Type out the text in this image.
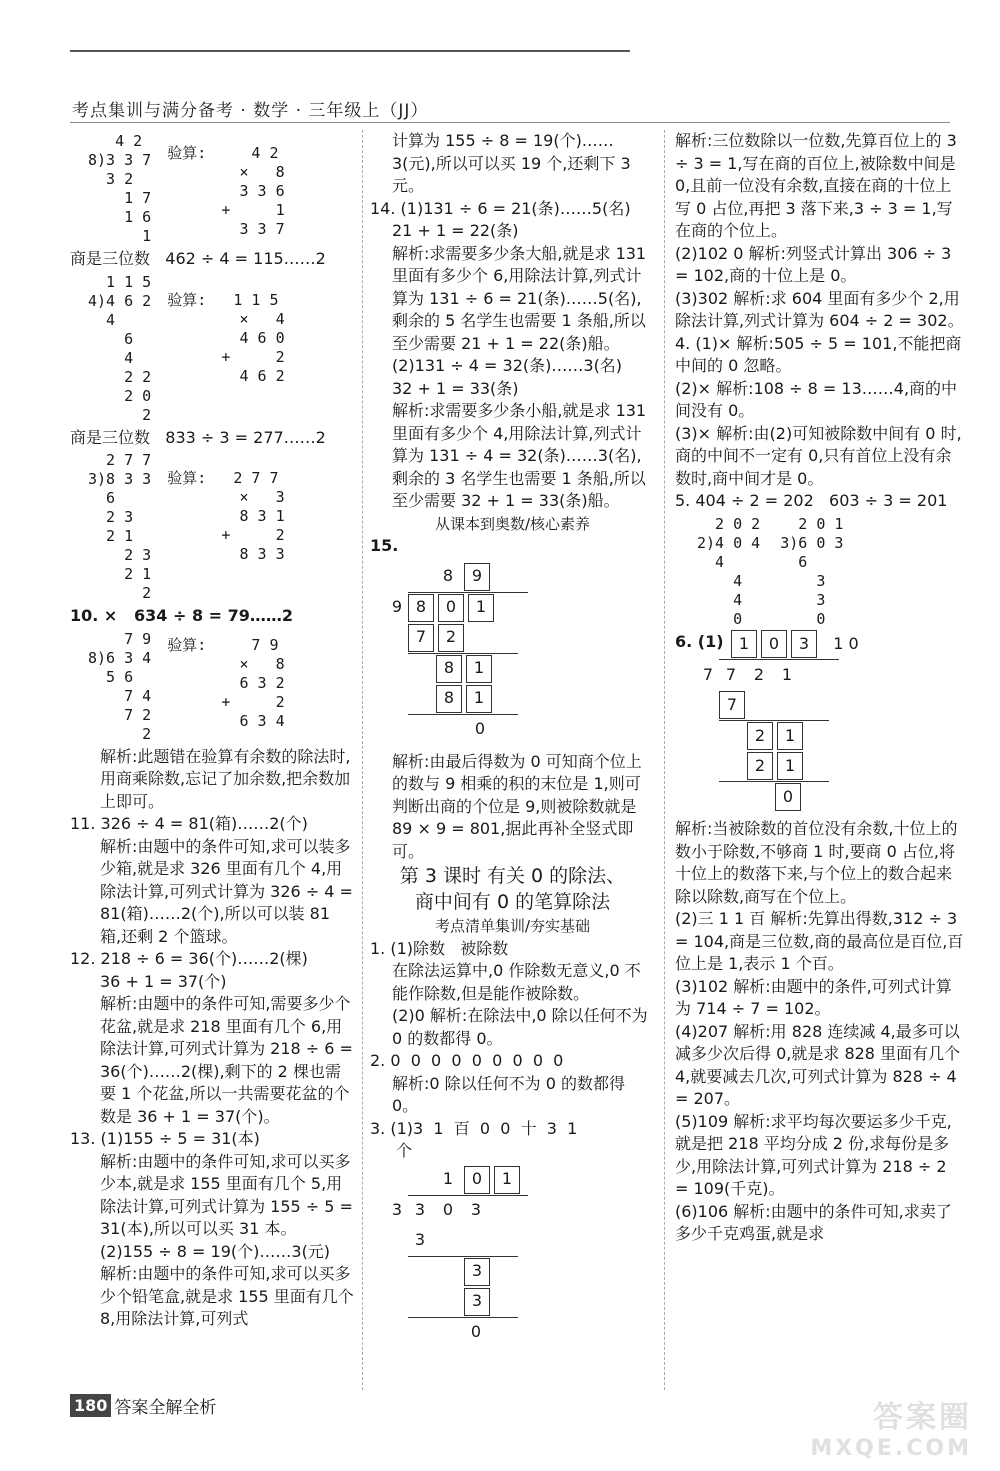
考点集训与满分备考 · 数学 · 三年级上（JJ）
4 2
8)3 3 7
3 2
1 7
1 6
1
验算:     4 2
×   8
3 3 6
+     1
3 3 7
商是三位数   462 ÷ 4 = 115……2
1 1 5
4)4 6 2
4
6
4
2 2
2 0
2
验算:   1 1 5
×   4
4 6 0
+     2
4 6 2
商是三位数   833 ÷ 3 = 277……2
2 7 7
3)8 3 3
6
2 3
2 1
2 3
2 1
2
验算:   2 7 7
×   3
8 3 1
+     2
8 3 3
10. ×   634 ÷ 8 = 79……2
7 9
8)6 3 4
5 6
7 4
7 2
2
验算:     7 9
×   8
6 3 2
+     2
6 3 4
解析:此题错在验算有余数的除法时,用商乘除数,忘记了加余数,把余数加上即可。
11. 326 ÷ 4 = 81(箱)……2(个)
解析:由题中的条件可知,求可以装多少箱,就是求 326 里面有几个 4,用除法计算,可列式计算为 326 ÷ 4 = 81(箱)……2(个),所以可以装 81 箱,还剩 2 个篮球。
12. 218 ÷ 6 = 36(个)……2(棵)
36 + 1 = 37(个)
解析:由题中的条件可知,需要多少个花盆,就是求 218 里面有几个 6,用除法计算,可列式计算为 218 ÷ 6 = 36(个)……2(棵),剩下的 2 棵也需要 1 个花盆,所以一共需要花盆的个数是 36 + 1 = 37(个)。
13. (1)155 ÷ 5 = 31(本)
解析:由题中的条件可知,求可以买多少本,就是求 155 里面有几个 5,用除法计算,可列式计算为 155 ÷ 5 = 31(本),所以可以买 31 本。
(2)155 ÷ 8 = 19(个)……3(元)
解析:由题中的条件可知,求可以买多少个铅笔盒,就是求 155 里面有几个 8,用除法计算,可列式
计算为 155 ÷ 8 = 19(个)……3(元),所以可以买 19 个,还剩下 3 元。
14. (1)131 ÷ 6 = 21(条)……5(名)
21 + 1 = 22(条)
解析:求需要多少条大船,就是求 131 里面有多少个 6,用除法计算,列式计算为 131 ÷ 6 = 21(条)……5(名),剩余的 5 名学生也需要 1 条船,所以至少需要 21 + 1 = 22(条)船。
(2)131 ÷ 4 = 32(条)……3(名)
32 + 1 = 33(条)
解析:求需要多少条小船,就是求 131 里面有多少个 4,用除法计算,列式计算为 131 ÷ 4 = 32(条)……3(名),剩余的 3 名学生也需要 1 条船,所以至少需要 32 + 1 = 33(条)船。
从课本到奥数/核心素养
15.
8	9
9 8	0	1
7	2
8	1
8	1
0
解析:由最后得数为 0 可知商个位上的数与 9 相乘的积的末位是 1,则可判断出商的个位是 9,则被除数就是 89 × 9 = 801,据此再补全竖式即可。
第 3 课时 有关 0 的除法、
商中间有 0 的笔算除法
考点清单集训/夯实基础
1. (1)除数   被除数
在除法运算中,0 作除数无意义,0 不能作除数,但是能作被除数。
(2)0 解析:在除法中,0 除以任何不为 0 的数都得 0。
2. 0  0  0  0  0  0  0  0  0
解析:0 除以任何不为 0 的数都得 0。
3. (1)3  1  百  0  0  十  3  1
个
1	0	1
3 3	0	3
3
3
3
0
解析:三位数除以一位数,先算百位上的 3 ÷ 3 = 1,写在商的百位上,被除数中间是 0,且前一位没有余数,直接在商的十位上写 0 占位,再把 3 落下来,3 ÷ 3 = 1,写在商的个位上。
(2)102 0 解析:列竖式计算出 306 ÷ 3 = 102,商的十位上是 0。
(3)302 解析:求 604 里面有多少个 2,用除法计算,列式计算为 604 ÷ 2 = 302。
4. (1)× 解析:505 ÷ 5 = 101,不能把商中间的 0 忽略。
(2)× 解析:108 ÷ 8 = 13……4,商的中间没有 0。
(3)× 解析:由(2)可知被除数中间有 0 时,商的中间不一定有 0,只有首位上没有余数时,商中间才是 0。
5. 404 ÷ 2 = 202   603 ÷ 3 = 201
2 0 2
2)4 0 4
4
4
4
0
2 0 1
3)6 0 3
6
3
3
0
6. (1) 1	0	3	1 0
7 7	2	1
7
2	1
2	1
0
解析:当被除数的首位没有余数,十位上的数小于除数,不够商 1 时,要商 0 占位,将十位上的数落下来,与个位上的数合起来除以除数,商写在个位上。
(2)三 1 1 百 解析:先算出得数,312 ÷ 3 = 104,商是三位数,商的最高位是百位,百位上是 1,表示 1 个百。
(3)102 解析:由题中的条件,可列式计算为 714 ÷ 7 = 102。
(4)207 解析:用 828 连续减 4,最多可以减多少次后得 0,就是求 828 里面有几个 4,就要减去几次,可列式计算为 828 ÷ 4 = 207。
(5)109 解析:求平均每次要运多少千克,就是把 218 平均分成 2 份,求每份是多少,用除法计算,可列式计算为 218 ÷ 2 = 109(千克)。
(6)106 解析:由题中的条件可知,求卖了多少千克鸡蛋,就是求
180 答案全解全析	答案圈
MXQE.COM
